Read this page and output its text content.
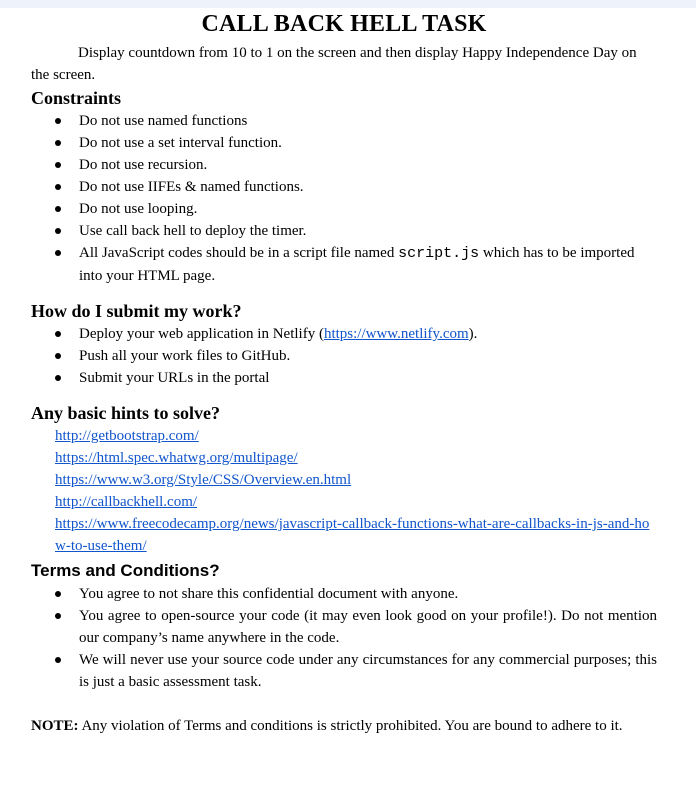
CALL BACK HELL TASK

Display countdown from 10 to 1 on the screen and then display Happy Independence Day on the screen.

Constraints
Do not use named functions
Do not use a set interval function.
Do not use recursion.
Do not use IIFEs & named functions.
Do not use looping.
Use call back hell to deploy the timer.
All JavaScript codes should be in a script file named script.js which has to be imported into your HTML page.
How do I submit my work?
Deploy your web application in Netlify (https://www.netlify.com).
Push all your work files to GitHub.
Submit your URLs in the portal
Any basic hints to solve?
http://getbootstrap.com/
https://html.spec.whatwg.org/multipage/
https://www.w3.org/Style/CSS/Overview.en.html
http://callbackhell.com/
https://www.freecodecamp.org/news/javascript-callback-functions-what-are-callbacks-in-js-and-how-to-use-them/
Terms and Conditions?
You agree to not share this confidential document with anyone.
You agree to open-source your code (it may even look good on your profile!). Do not mention our company’s name anywhere in the code.
We will never use your source code under any circumstances for any commercial purposes; this is just a basic assessment task.

NOTE: Any violation of Terms and conditions is strictly prohibited. You are bound to adhere to it.
